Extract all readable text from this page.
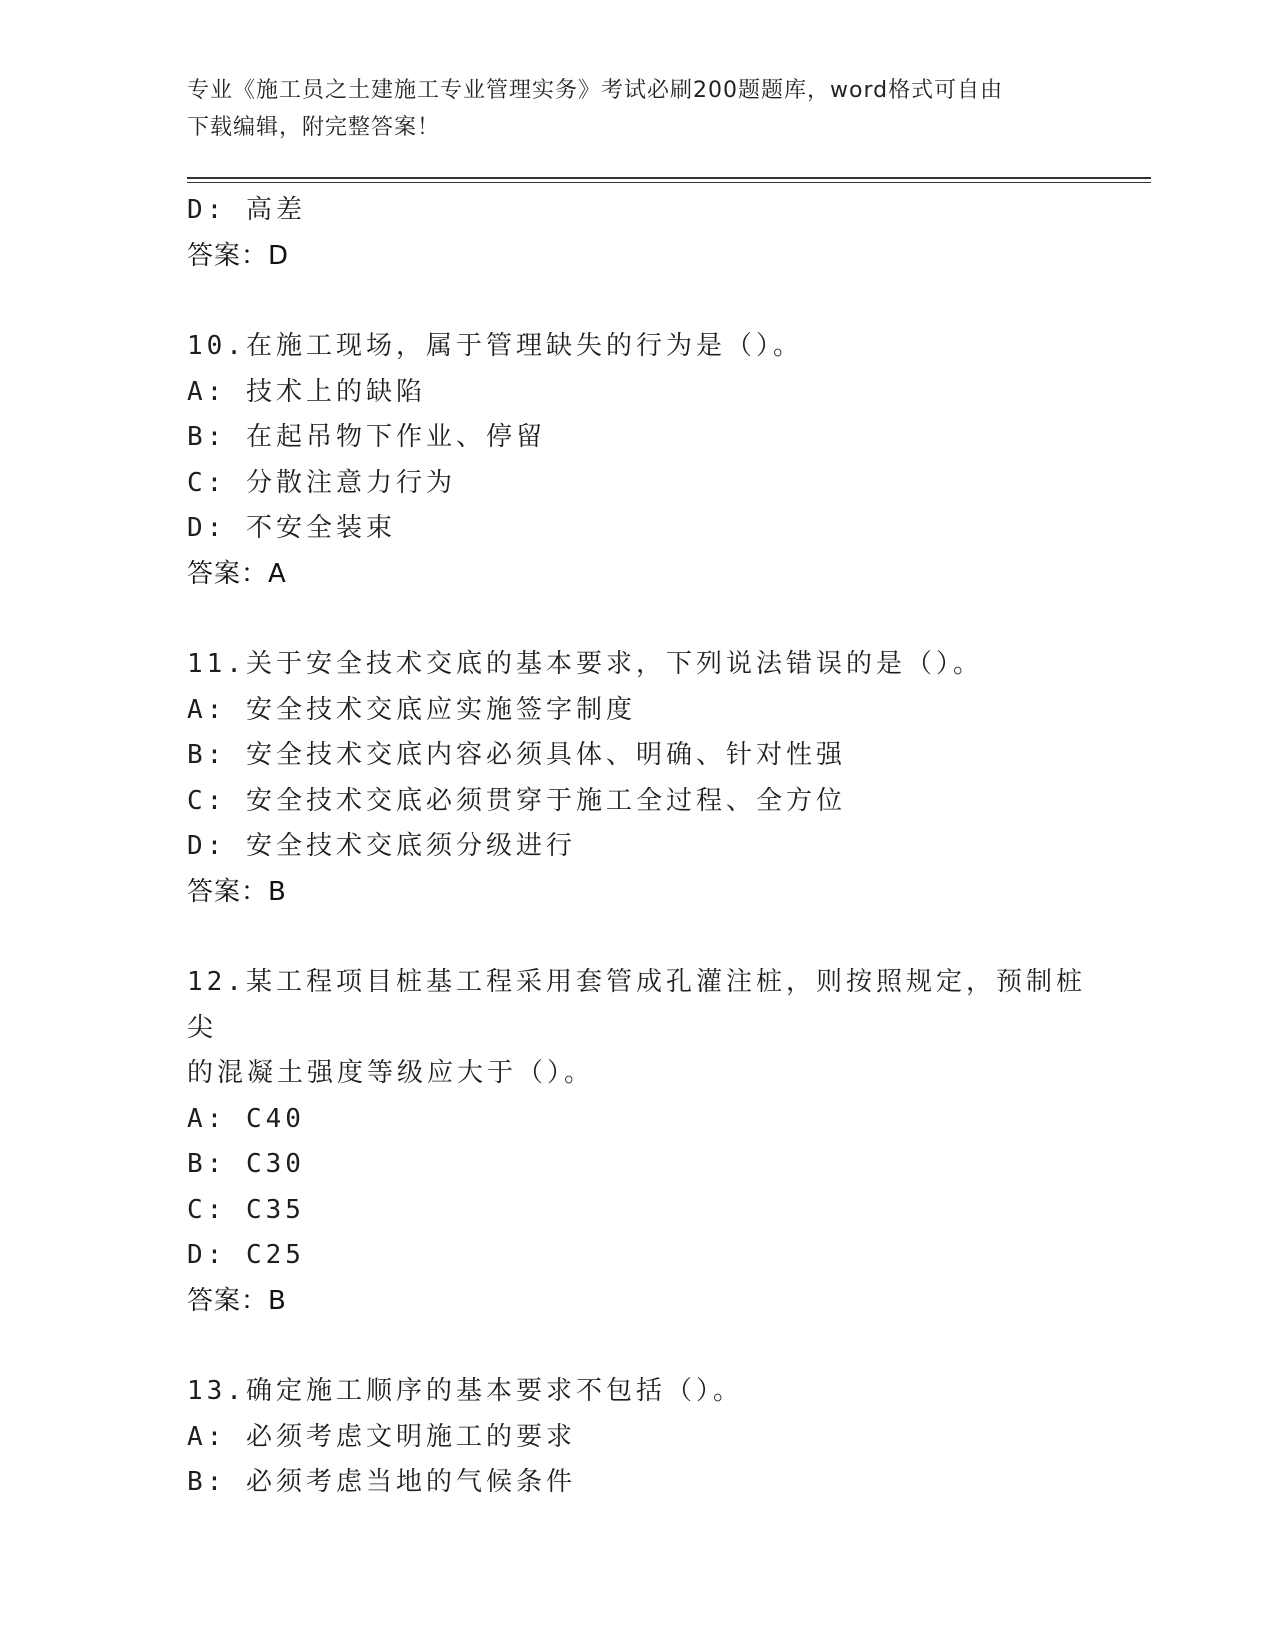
专业《施工员之土建施工专业管理实务》考试必刷200题题库，word格式可自由
下载编辑，附完整答案！
D: 高差
答案：D
10.在施工现场，属于管理缺失的行为是（）。
A: 技术上的缺陷
B: 在起吊物下作业、停留
C: 分散注意力行为
D: 不安全装束
答案：A
11.关于安全技术交底的基本要求，下列说法错误的是（）。
A: 安全技术交底应实施签字制度
B: 安全技术交底内容必须具体、明确、针对性强
C: 安全技术交底必须贯穿于施工全过程、全方位
D: 安全技术交底须分级进行
答案：B
12.某工程项目桩基工程采用套管成孔灌注桩，则按照规定，预制桩尖
的混凝土强度等级应大于（）。
A: C40
B: C30
C: C35
D: C25
答案：B
13.确定施工顺序的基本要求不包括（）。
A: 必须考虑文明施工的要求
B: 必须考虑当地的气候条件
